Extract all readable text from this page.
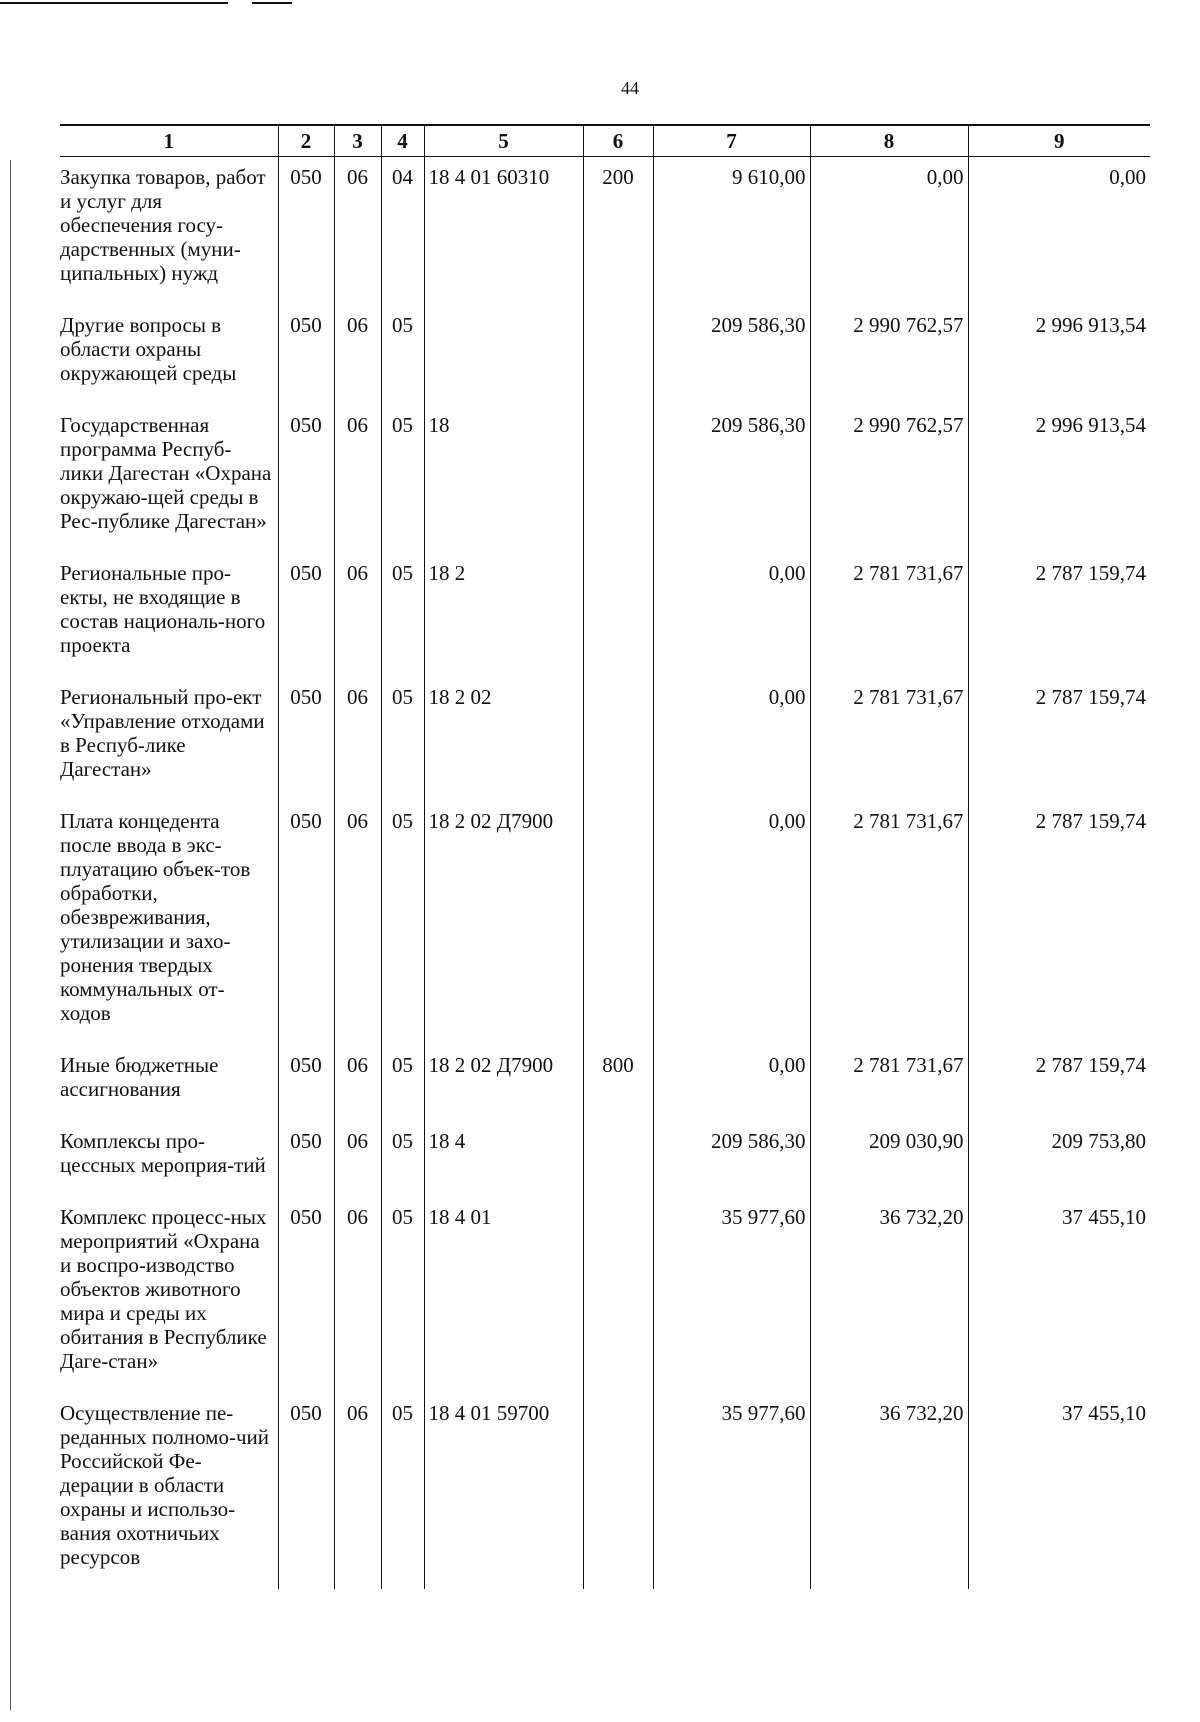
44
1	2	3	4	5	6	7	8	9
Закупка товаров, работ и услуг для обеспечения госу-дарственных (муни-ципальных) нужд	050	06	04	18 4 01 60310	200	9 610,00	0,00	0,00
Другие вопросы в области охраны окружающей среды	050	06	05			209 586,30	2 990 762,57	2 996 913,54
Государственная программа Респуб-лики Дагестан «Охрана окружаю-щей среды в Рес-публике Дагестан»	050	06	05	18		209 586,30	2 990 762,57	2 996 913,54
Региональные про-екты, не входящие в состав националь-ного проекта	050	06	05	18 2		0,00	2 781 731,67	2 787 159,74
Региональный про-ект «Управление отходами в Респуб-лике Дагестан»	050	06	05	18 2 02		0,00	2 781 731,67	2 787 159,74
Плата концедента после ввода в экс-плуатацию объек-тов обработки, обезвреживания, утилизации и захо-ронения твердых коммунальных от-ходов	050	06	05	18 2 02 Д7900		0,00	2 781 731,67	2 787 159,74
Иные бюджетные ассигнования	050	06	05	18 2 02 Д7900	800	0,00	2 781 731,67	2 787 159,74
Комплексы про-цессных мероприя-тий	050	06	05	18 4		209 586,30	209 030,90	209 753,80
Комплекс процесс-ных мероприятий «Охрана и воспро-изводство объектов животного мира и среды их обитания в Республике Даге-стан»	050	06	05	18 4 01		35 977,60	36 732,20	37 455,10
Осуществление пе-реданных полномо-чий Российской Фе-дерации в области охраны и использо-вания охотничьих ресурсов	050	06	05	18 4 01 59700		35 977,60	36 732,20	37 455,10
